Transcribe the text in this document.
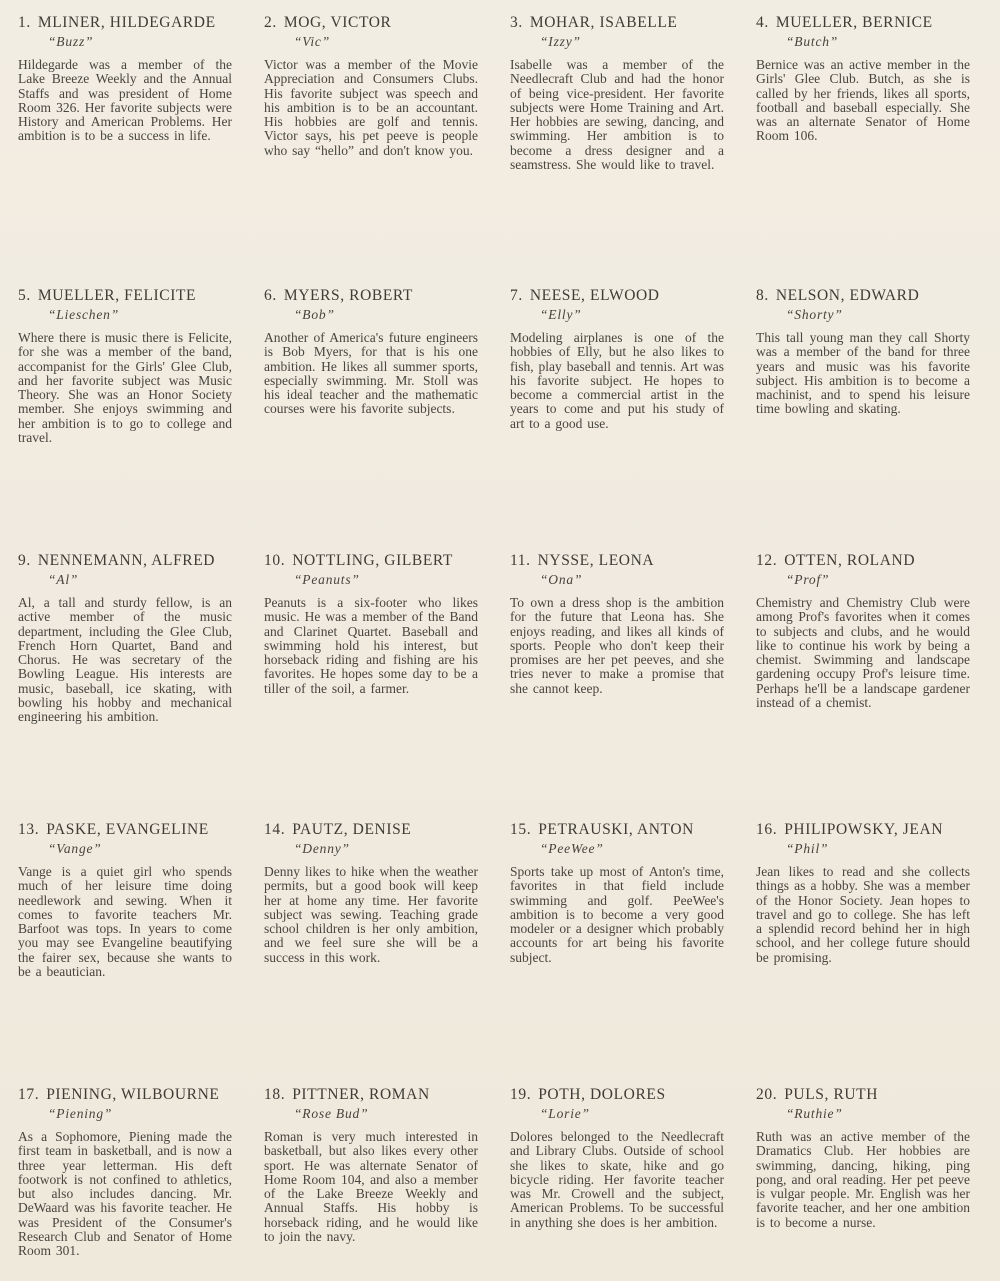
1. MLINER, HILDEGARDE
“Buzz”

Hildegarde was a member of the Lake Breeze Weekly and the Annual Staffs and was president of Home Room 326. Her favorite subjects were History and American Problems. Her ambition is to be a success in life.

2. MOG, VICTOR
“Vic”

Victor was a member of the Movie Appreciation and Consumers Clubs. His favorite subject was speech and his ambition is to be an accountant. His hobbies are golf and tennis. Victor says, his pet peeve is people who say “hello” and don't know you.

3. MOHAR, ISABELLE
“Izzy”

Isabelle was a member of the Needlecraft Club and had the honor of being vice-president. Her favorite subjects were Home Training and Art. Her hobbies are sewing, dancing, and swimming. Her ambition is to become a dress designer and a seamstress. She would like to travel.

4. MUELLER, BERNICE
“Butch”

Bernice was an active member in the Girls' Glee Club. Butch, as she is called by her friends, likes all sports, football and baseball especially. She was an alternate Senator of Home Room 106.

5. MUELLER, FELICITE
“Lieschen”

Where there is music there is Felicite, for she was a member of the band, accompanist for the Girls' Glee Club, and her favorite subject was Music Theory. She was an Honor Society member. She enjoys swimming and her ambition is to go to college and travel.

6. MYERS, ROBERT
“Bob”

Another of America's future engineers is Bob Myers, for that is his one ambition. He likes all summer sports, especially swimming. Mr. Stoll was his ideal teacher and the mathematic courses were his favorite subjects.

7. NEESE, ELWOOD
“Elly”

Modeling airplanes is one of the hobbies of Elly, but he also likes to fish, play baseball and tennis. Art was his favorite subject. He hopes to become a commercial artist in the years to come and put his study of art to a good use.

8. NELSON, EDWARD
“Shorty”

This tall young man they call Shorty was a member of the band for three years and music was his favorite subject. His ambition is to become a machinist, and to spend his leisure time bowling and skating.

9. NENNEMANN, ALFRED
“Al”

Al, a tall and sturdy fellow, is an active member of the music department, including the Glee Club, French Horn Quartet, Band and Chorus. He was secretary of the Bowling League. His interests are music, baseball, ice skating, with bowling his hobby and mechanical engineering his ambition.

10. NOTTLING, GILBERT
“Peanuts”

Peanuts is a six-footer who likes music. He was a member of the Band and Clarinet Quartet. Baseball and swimming hold his interest, but horseback riding and fishing are his favorites. He hopes some day to be a tiller of the soil, a farmer.

11. NYSSE, LEONA
“Ona”

To own a dress shop is the ambition for the future that Leona has. She enjoys reading, and likes all kinds of sports. People who don't keep their promises are her pet peeves, and she tries never to make a promise that she cannot keep.

12. OTTEN, ROLAND
“Prof”

Chemistry and Chemistry Club were among Prof's favorites when it comes to subjects and clubs, and he would like to continue his work by being a chemist. Swimming and landscape gardening occupy Prof's leisure time. Perhaps he'll be a landscape gardener instead of a chemist.

13. PASKE, EVANGELINE
“Vange”

Vange is a quiet girl who spends much of her leisure time doing needlework and sewing. When it comes to favorite teachers Mr. Barfoot was tops. In years to come you may see Evangeline beautifying the fairer sex, because she wants to be a beautician.

14. PAUTZ, DENISE
“Denny”

Denny likes to hike when the weather permits, but a good book will keep her at home any time. Her favorite subject was sewing. Teaching grade school children is her only ambition, and we feel sure she will be a success in this work.

15. PETRAUSKI, ANTON
“PeeWee”

Sports take up most of Anton's time, favorites in that field include swimming and golf. PeeWee's ambition is to become a very good modeler or a designer which probably accounts for art being his favorite subject.

16. PHILIPOWSKY, JEAN
“Phil”

Jean likes to read and she collects things as a hobby. She was a member of the Honor Society. Jean hopes to travel and go to college. She has left a splendid record behind her in high school, and her college future should be promising.

17. PIENING, WILBOURNE
“Piening”

As a Sophomore, Piening made the first team in basketball, and is now a three year letterman. His deft footwork is not confined to athletics, but also includes dancing. Mr. DeWaard was his favorite teacher. He was President of the Consumer's Research Club and Senator of Home Room 301.

18. PITTNER, ROMAN
“Rose Bud”

Roman is very much interested in basketball, but also likes every other sport. He was alternate Senator of Home Room 104, and also a member of the Lake Breeze Weekly and Annual Staffs. His hobby is horseback riding, and he would like to join the navy.

19. POTH, DOLORES
“Lorie”

Dolores belonged to the Needlecraft and Library Clubs. Outside of school she likes to skate, hike and go bicycle riding. Her favorite teacher was Mr. Crowell and the subject, American Problems. To be successful in anything she does is her ambition.

20. PULS, RUTH
“Ruthie”

Ruth was an active member of the Dramatics Club. Her hobbies are swimming, dancing, hiking, ping pong, and oral reading. Her pet peeve is vulgar people. Mr. English was her favorite teacher, and her one ambition is to become a nurse.
